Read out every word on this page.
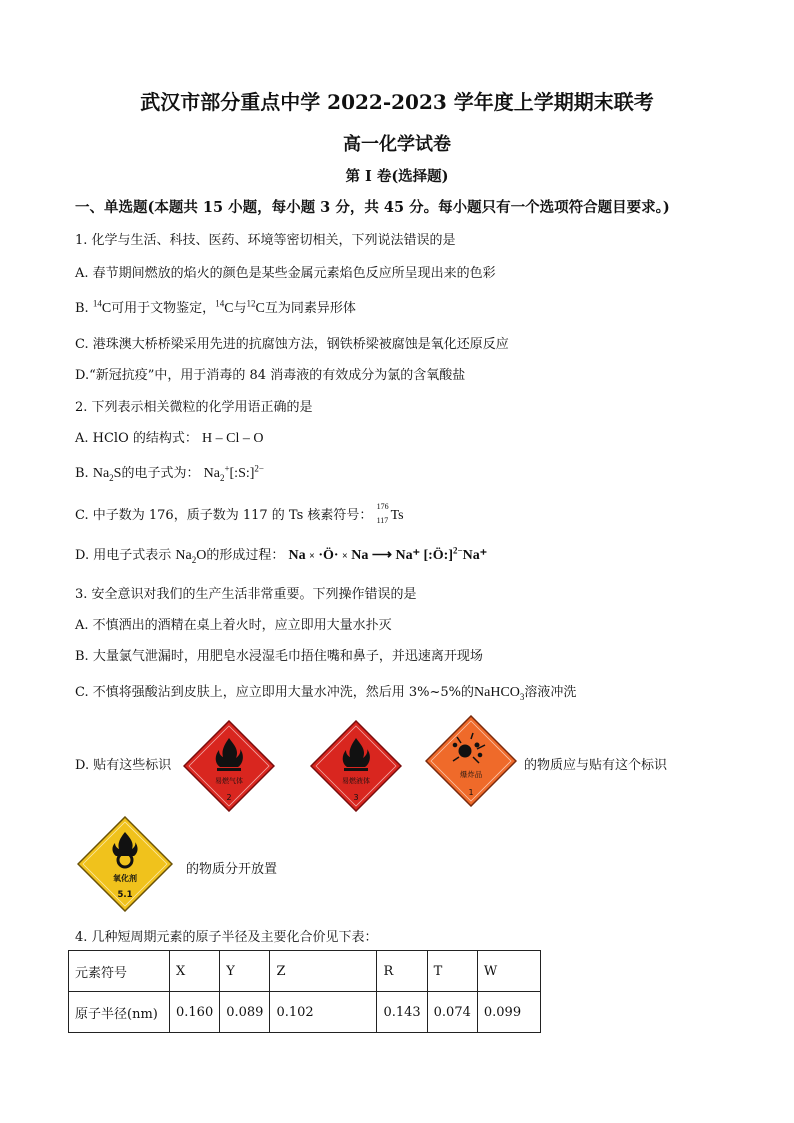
武汉市部分重点中学 2022-2023 学年度上学期期末联考
高一化学试卷
第 I 卷(选择题)
一、单选题(本题共 15 小题，每小题 3 分，共 45 分。每小题只有一个选项符合题目要求。)
1. 化学与生活、科技、医药、环境等密切相关，下列说法错误的是
A. 春节期间燃放的焰火的颜色是某些金属元素焰色反应所呈现出来的色彩
B. $^{14}$C可用于文物鉴定，$^{14}$C与$^{12}$C互为同素异形体
C. 港珠澳大桥桥梁采用先进的抗腐蚀方法，钢铁桥梁被腐蚀是氧化还原反应
D.“新冠抗疫”中，用于消毒的 84 消毒液的有效成分为氯的含氧酸盐
2. 下列表示相关微粒的化学用语正确的是
A. HClO 的结构式： H – Cl – O
B. $Na_2S$的电子式为： $Na_2^+[:S:]^{2-}$
C. 中子数为 176，质子数为 117 的 Ts 核素符号：
176
117 Ts
D. 用电子式表示 $Na_2O$的形成过程： Na × ·Ö· × Na ⟶ Na⁺ [:Ö:]$^{2-}$Na⁺
3. 安全意识对我们的生产生活非常重要。下列操作错误的是
A. 不慎洒出的酒精在桌上着火时，应立即用大量水扑灭
B. 大量氯气泄漏时，用肥皂水浸湿毛巾捂住嘴和鼻子，并迅速离开现场
C. 不慎将强酸沾到皮肤上，应立即用大量水冲洗，然后用 3%~5%的NaHCO$_3$溶液冲洗
D. 贴有这些标识	的物质应与贴有这个标识
的物质分开放置
易燃气体
2
易燃液体
3
爆炸品
1
氧化剂
5.1
4. 几种短周期元素的原子半径及主要化合价见下表：
元素符号	X	Y	Z	R	T	W
原子半径(nm)	0.160	0.089	0.102	0.143	0.074	0.099
